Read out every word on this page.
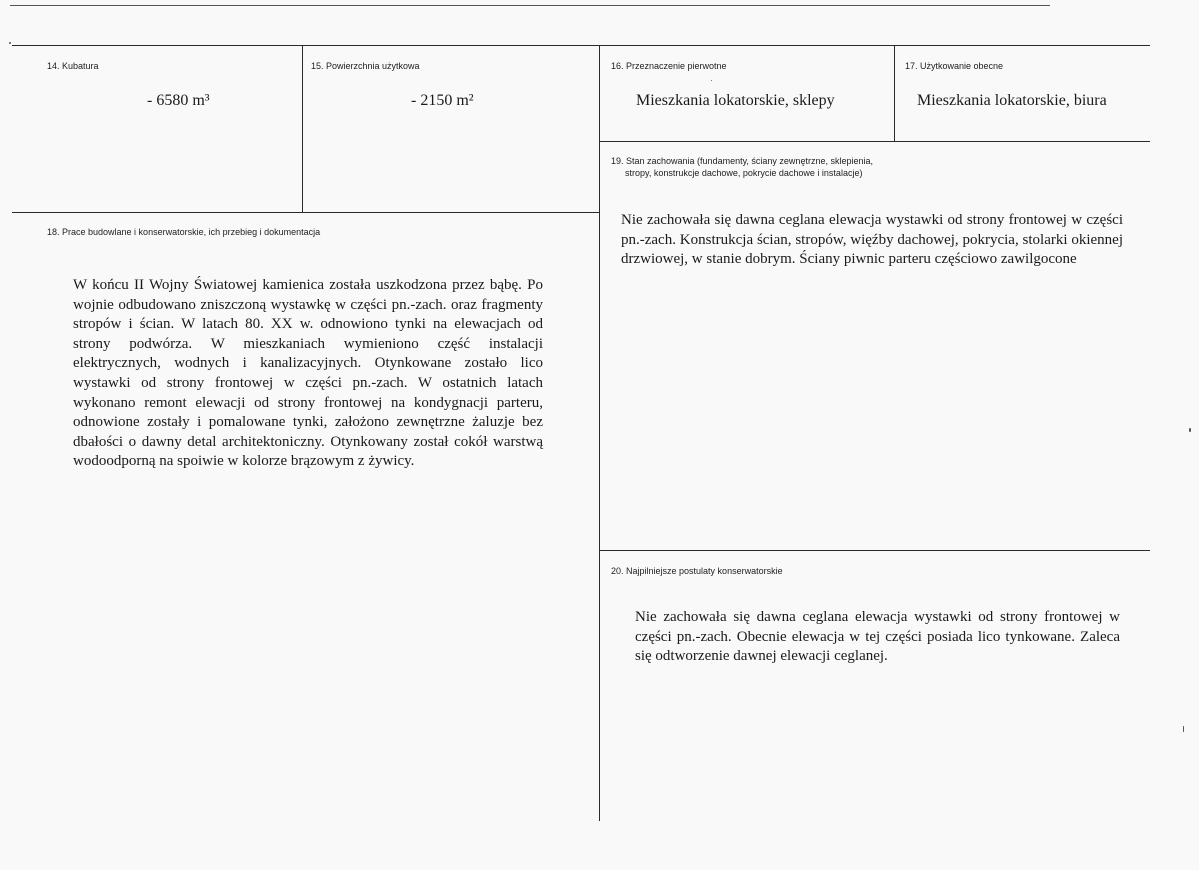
14. Kubatura
- 6580 m³
15. Powierzchnia użytkowa
- 2150 m²
16. Przeznaczenie pierwotne
Mieszkania lokatorskie, sklepy
17. Użytkowanie obecne
Mieszkania lokatorskie, biura
18. Prace budowlane i konserwatorskie, ich przebieg i dokumentacja
W końcu II Wojny Światowej kamienica została uszkodzona przez bąbę. Po wojnie odbudowano zniszczoną wystawkę w części pn.-zach. oraz fragmenty stropów i ścian. W latach 80. XX w. odnowiono tynki na elewacjach od strony podwórza. W mieszkaniach wymieniono część instalacji elektrycznych, wodnych i kanalizacyjnych. Otynkowane zostało lico wystawki od strony frontowej w części pn.-zach. W ostatnich latach wykonano remont elewacji od strony frontowej na kondygnacji parteru, odnowione zostały i pomalowane tynki, założono zewnętrzne żaluzje bez dbałości o dawny detal architektoniczny. Otynkowany został cokół warstwą wodoodporną na spoiwie w kolorze brązowym z żywicy.
19. Stan zachowania (fundamenty, ściany zewnętrzne, sklepienia,
stropy, konstrukcje dachowe, pokrycie dachowe i instalacje)
Nie zachowała się dawna ceglana elewacja wystawki od strony frontowej w części pn.-zach. Konstrukcja ścian, stropów, więźby dachowej, pokrycia, stolarki okiennej drzwiowej, w stanie dobrym. Ściany piwnic parteru częściowo zawilgocone
20. Najpilniejsze postulaty konserwatorskie
Nie zachowała się dawna ceglana elewacja wystawki od strony frontowej w części pn.-zach. Obecnie elewacja w tej części posiada lico tynkowane. Zaleca się odtworzenie dawnej elewacji ceglanej.
